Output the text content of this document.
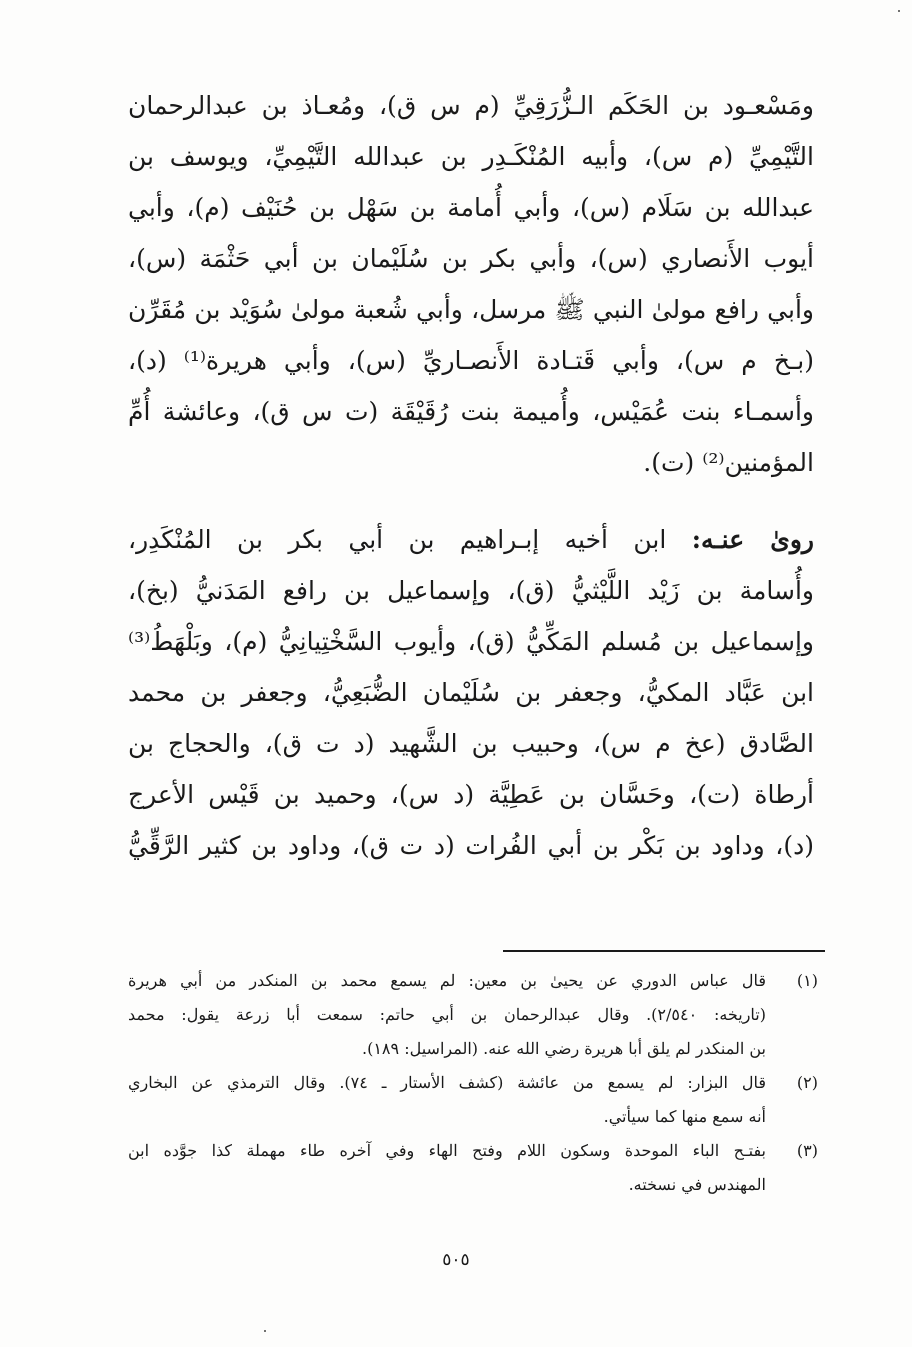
ومَسْعـود بن الحَكَم الـزُّرَقِيِّ (م س ق)، ومُعـاذ بن عبدالرحمان
التَّيْمِيِّ (م س)، وأبيه المُنْكَـدِر بن عبدالله التَّيْمِيِّ، ويوسف بن
عبدالله بن سَلَام (س)، وأبي أُمامة بن سَهْل بن حُنَيْف (م)، وأبي
أيوب الأَنصاري (س)، وأبي بكر بن سُلَيْمان بن أبي حَثْمَة (س)،
وأبي رافع مولىٰ النبي ﷺ مرسل، وأبي شُعبة مولىٰ سُوَيْد بن مُقَرِّن
(بـخ م س)، وأبي قَتـادة الأَنصـاريِّ (س)، وأبي هريرة⁽¹⁾ (د)،
وأسمـاء بنت عُمَيْس، وأُميمة بنت رُقَيْقَة (ت س ق)، وعائشة أُمِّ
المؤمنين⁽²⁾ (ت).
روىٰ عنـه: ابن أخيه إبـراهيم بن أبي بكر بن المُنْكَدِر،
وأُسامة بن زَيْد اللَّيْثيُّ (ق)، وإسماعيل بن رافع المَدَنيُّ (بخ)،
وإسماعيل بن مُسلم المَكِّيُّ (ق)، وأيوب السَّخْتِيانِيُّ (م)، وبَلْهَطُ⁽³⁾
ابن عَبَّاد المكيُّ، وجعفر بن سُلَيْمان الضُّبَعِيُّ، وجعفر بن محمد
الصَّادق (عخ م س)، وحبيب بن الشَّهيد (د ت ق)، والحجاج بن
أرطاة (ت)، وحَسَّان بن عَطِيَّة (د س)، وحميد بن قَيْس الأعرج
(د)، وداود بن بَكْر بن أبي الفُرات (د ت ق)، وداود بن كثير الرَّقِّيُّ
(١)
قال عباس الدوري عن يحيىٰ بن معين: لم يسمع محمد بن المنكدر من أبي هريرة
(تاريخه: ٢/٥٤٠). وقال عبدالرحمان بن أبي حاتم: سمعت أبا زرعة يقول: محمد
بن المنكدر لم يلق أبا هريرة رضي الله عنه. (المراسيل: ١٨٩).
(٢)
قال البزار: لم يسمع من عائشة (كشف الأستار ـ ٧٤). وقال الترمذي عن البخاري
أنه سمع منها كما سيأتي.
(٣)
بفتـح الباء الموحدة وسكون اللام وفتح الهاء وفي آخره طاء مهملة كذا جوَّده ابن
المهندس في نسخته.
٥٠٥
